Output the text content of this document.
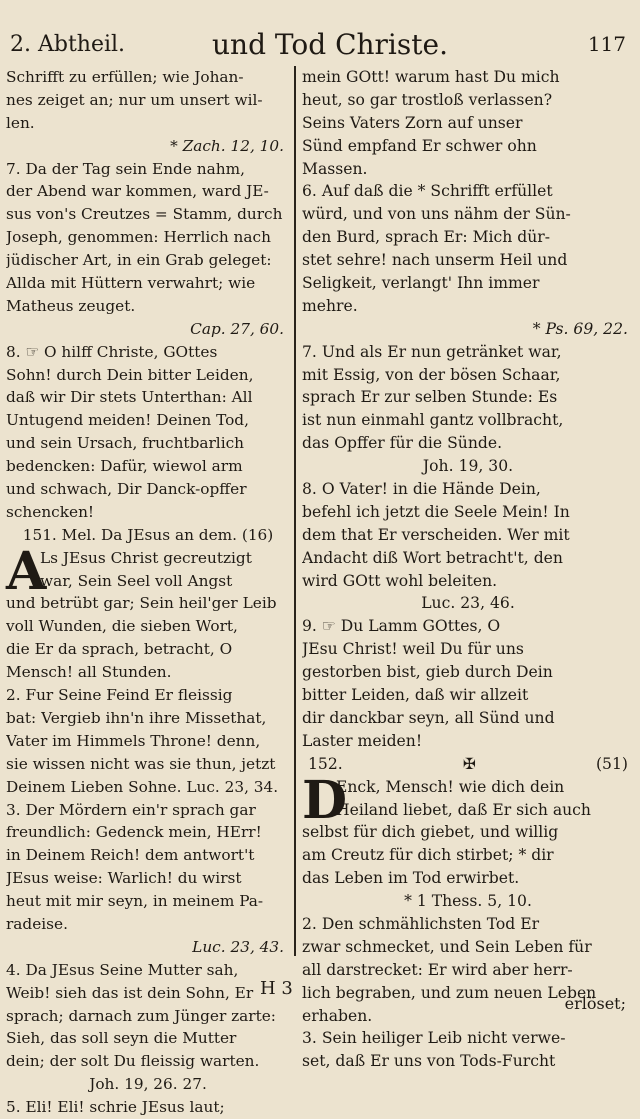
2. Abtheil.	und Tod Christe.	117
Schrifft zu erfüllen; wie Johan-
nes zeiget an; nur um unsert wil-
len.
* Zach. 12, 10.
7. Da der Tag sein Ende nahm,
der Abend war kommen, ward JE-
sus von's Creutzes = Stamm, durch
Joseph, genommen: Herrlich nach
jüdischer Art, in ein Grab geleget:
Allda mit Hüttern verwahrt; wie
Matheus zeuget.
Cap. 27, 60.
8. ☞ O hilff Christe, GOttes
Sohn! durch Dein bitter Leiden,
daß wir Dir stets Unterthan: All
Untugend meiden! Deinen Tod,
und sein Ursach, fruchtbarlich
bedencken: Dafür, wiewol arm
und schwach, Dir Danck-opffer
schencken!
151. Mel. Da JEsus an dem. (16)
A
Ls JEsus Christ gecreutzigt
war, Sein Seel voll Angst
und betrübt gar; Sein heil'ger Leib
voll Wunden, die sieben Wort,
die Er da sprach, betracht, O
Mensch! all Stunden.
2. Fur Seine Feind Er fleissig
bat: Vergieb ihn'n ihre Missethat,
Vater im Himmels Throne! denn,
sie wissen nicht was sie thun, jetzt
Deinem Lieben Sohne. Luc. 23, 34.
3. Der Mördern ein'r sprach gar
freundlich: Gedenck mein, HErr!
in Deinem Reich! dem antwort't
JEsus weise: Warlich! du wirst
heut mit mir seyn, in meinem Pa-
radeise.
Luc. 23, 43.
4. Da JEsus Seine Mutter sah,
Weib! sieh das ist dein Sohn, Er
sprach; darnach zum Jünger zarte:
Sieh, das soll seyn die Mutter
dein; der solt Du fleissig warten.
Joh. 19, 26. 27.
5. Eli! Eli! schrie JEsus laut;
mein GOtt! warum hast Du mich
heut, so gar trostloß verlassen?
Seins Vaters Zorn auf unser
Sünd empfand Er schwer ohn
Massen.
6. Auf daß die * Schrifft erfüllet
würd, und von uns nähm der Sün-
den Burd, sprach Er: Mich dür-
stet sehre! nach unserm Heil und
Seligkeit, verlangt' Ihn immer
mehre.
* Ps. 69, 22.
7. Und als Er nun getränket war,
mit Essig, von der bösen Schaar,
sprach Er zur selben Stunde: Es
ist nun einmahl gantz vollbracht,
das Opffer für die Sünde.
Joh. 19, 30.
8. O Vater! in die Hände Dein,
befehl ich jetzt die Seele Mein! In
dem that Er verscheiden. Wer mit
Andacht diß Wort betracht't, den
wird GOtt wohl beleiten.
Luc. 23, 46.
9. ☞ Du Lamm GOttes, O
JEsu Christ! weil Du für uns
gestorben bist, gieb durch Dein
bitter Leiden, daß wir allzeit
dir danckbar seyn, all Sünd und
Laster meiden!
152.	✠	(51)
D
Enck, Mensch! wie dich dein
Heiland liebet, daß Er sich auch
selbst für dich giebet, und willig
am Creutz für dich stirbet; * dir
das Leben im Tod erwirbet.
* 1 Thess. 5, 10.
2. Den schmählichsten Tod Er
zwar schmecket, und Sein Leben für
all darstrecket: Er wird aber herr-
lich begraben, und zum neuen Leben
erhaben.
3. Sein heiliger Leib nicht verwe-
set, daß Er uns von Tods-Furcht
H 3
erlöset;
